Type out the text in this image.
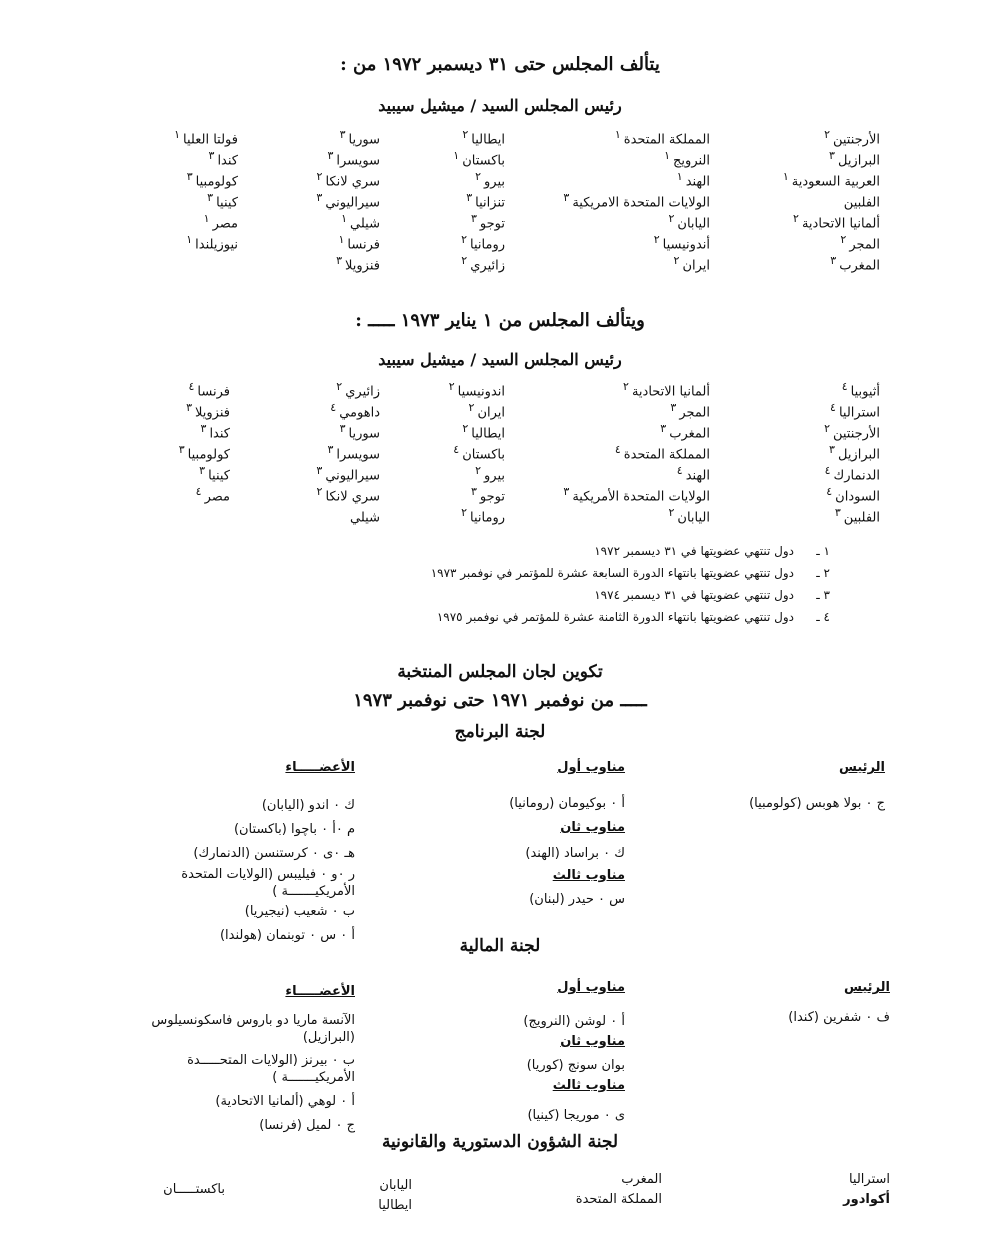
يتألف المجلس حتى ٣١ ديسمبر ١٩٧٢ من :
رئيس المجلس السيد / ميشيل سيبيد
الأرجنتين$^٢$
البرازيل$^٣$
العربية السعودية$^١$
الفلبين
ألمانيا الاتحادية$^٢$
المجر$^٢$
المغرب$^٣$
المملكة المتحدة$^١$
النرويج$^١$
الهند$^١$
الولايات المتحدة الامريكية$^٣$
اليابان$^٢$
أندونيسيا$^٢$
ايران$^٢$
ايطاليا$^٢$
باكستان$^١$
بيرو$^٢$
تنزانيا$^٣$
توجو$^٣$
رومانيا$^٢$
زائيري$^٢$
سوريا$^٣$
سويسرا$^٣$
سري لانكا$^٢$
سيراليوني$^٣$
شيلي$^١$
فرنسا$^١$
فنزويلا$^٣$
فولتا العليا$^١$
كندا$^٣$
كولومبيا$^٣$
كينيا$^٣$
مصر$^١$
نيوزيلندا$^١$
ويتألف المجلس من ١ يناير ١٩٧٣ ـــــ :
رئيس المجلس السيد / ميشيل سيبيد
أثيوبيا$^٤$
استراليا$^٤$
الأرجنتين$^٢$
البرازيل$^٣$
الدنمارك$^٤$
السودان$^٤$
الفلبين$^٣$
ألمانيا الاتحادية$^٢$
المجر$^٣$
المغرب$^٣$
المملكة المتحدة$^٤$
الهند$^٤$
الولايات المتحدة الأمريكية$^٣$
اليابان$^٢$
اندونيسيا$^٢$
ايران$^٢$
ايطاليا$^٢$
باكستان$^٤$
بيرو$^٢$
توجو$^٣$
رومانيا$^٢$
زائيري$^٢$
داهومي$^٤$
سوريا$^٣$
سويسرا$^٣$
سيراليوني$^٣$
سري لانكا$^٢$
شيلي
فرنسا$^٤$
فنزويلا$^٣$
كندا$^٣$
كولومبيا$^٣$
كينيا$^٣$
مصر$^٤$
١ ـدول تنتهي عضويتها في ٣١ ديسمبر ١٩٧٢
٢ ـدول تنتهي عضويتها بانتهاء الدورة السابعة عشرة للمؤتمر في نوفمبر ١٩٧٣
٣ ـدول تنتهي عضويتها في ٣١ ديسمبر ١٩٧٤
٤ ـدول تنتهي عضويتها بانتهاء الدورة الثامنة عشرة للمؤتمر في نوفمبر ١٩٧٥
تكوين لجان المجلس المنتخبة
ـــــ من نوفمبر ١٩٧١ حتى نوفمبر ١٩٧٣
لجنة البرنامج
الرئيس
ج ٠ بولا هوبس (كولومبيا)
مناوب أول
أ ٠ بوكيومان (رومانيا)
مناوب ثان
ك ٠ براساد (الهند)
مناوب ثالث
س ٠ حيدر (لبنان)
الأعضـــــاء
ك ٠ اندو (اليابان)
م ٠أ ٠ باچوا (باكستان)
هـ ٠ى ٠ كرستنسن (الدنمارك)
ر ٠و ٠ فيليبس (الولايات المتحدة
الأمريكيـــــــة )
ب ٠ شعيب (نيجيريا)
أ ٠ س ٠ توبنمان (هولندا)
لجنة المالية
الرئيس
ف ٠ شفرين (كندا)
مناوب أول
أ ٠ لوشن (النرويج)
مناوب ثان
بوان سونج (كوريا)
مناوب ثالث
ى ٠ موريجا (كينيا)
الأعضـــــاء
الآنسة ماريا دو باروس فاسكونسيلوس
(البرازيل)
ب ٠ بيرنز (الولايات المتحـــــدة
الأمريكيـــــــة )
أ ٠ لوهي (ألمانيا الاتحادية)
ج ٠ لميل (فرنسا)
لجنة الشؤون الدستورية والقانونية
استراليا
أكوادور
المغرب
المملكة المتحدة
اليابان
ايطاليا
باكستـــــان
